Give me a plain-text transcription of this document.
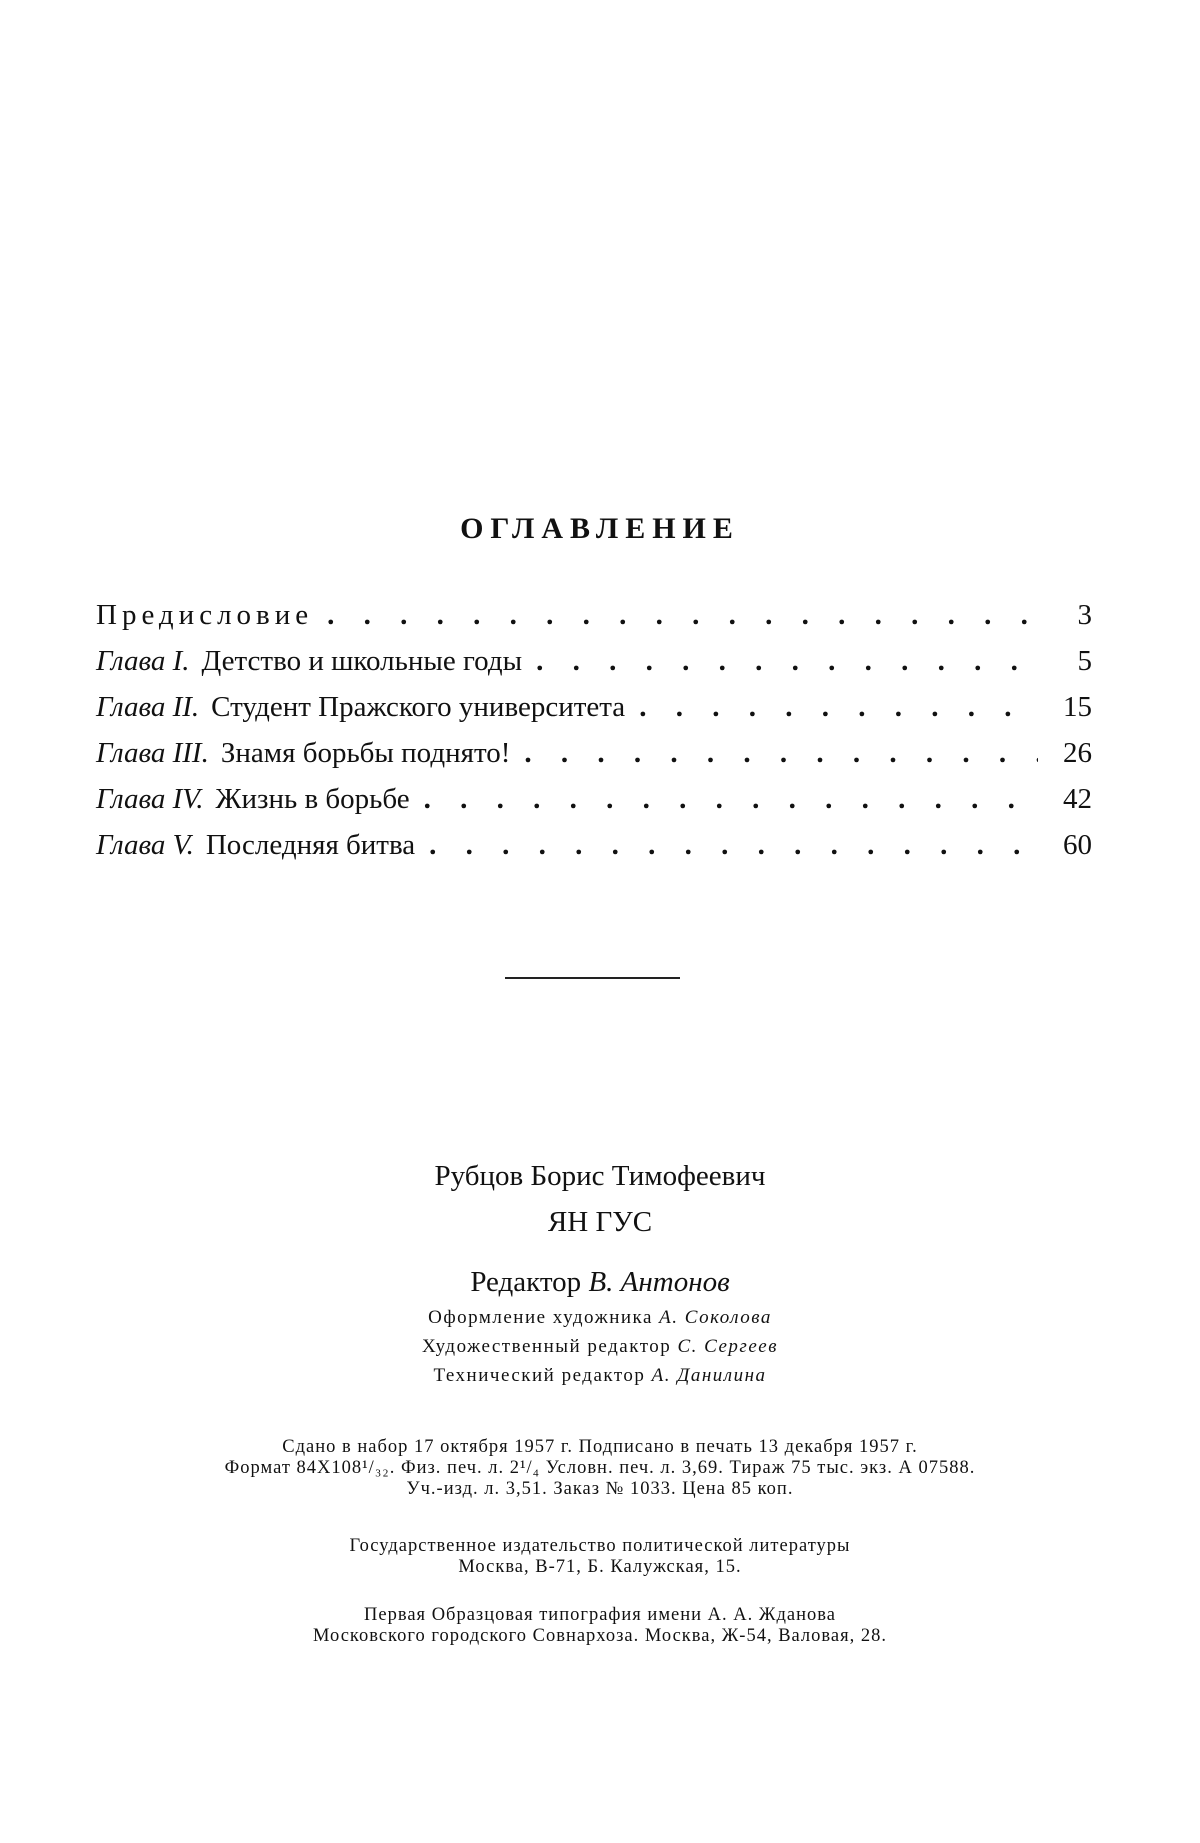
ОГЛАВЛЕНИЕ
Предисловие . . .	3
Глава I. Детство и школьные годы . . .	5
Глава II. Студент Пражского университета . . .	15
Глава III. Знамя борьбы поднято! . . .	26
Глава IV. Жизнь в борьбе . . .	42
Глава V. Последняя битва . . .	60
Рубцов Борис Тимофеевич
ЯН ГУС
Редактор В. Антонов
Оформление художника А. Соколова
Художественный редактор С. Сергеев
Технический редактор А. Данилина
Сдано в набор 17 октября 1957 г. Подписано в печать 13 декабря 1957 г.
Формат 84X108¹/₃₂. Физ. печ. л. 2¹/₄ Условн. печ. л. 3,69. Тираж 75 тыс. экз. А 07588.
Уч.-изд. л. 3,51. Заказ № 1033. Цена 85 коп.
Государственное издательство политической литературы
Москва, В-71, Б. Калужская, 15.
Первая Образцовая типография имени А. А. Жданова
Московского городского Совнархоза. Москва, Ж-54, Валовая, 28.
